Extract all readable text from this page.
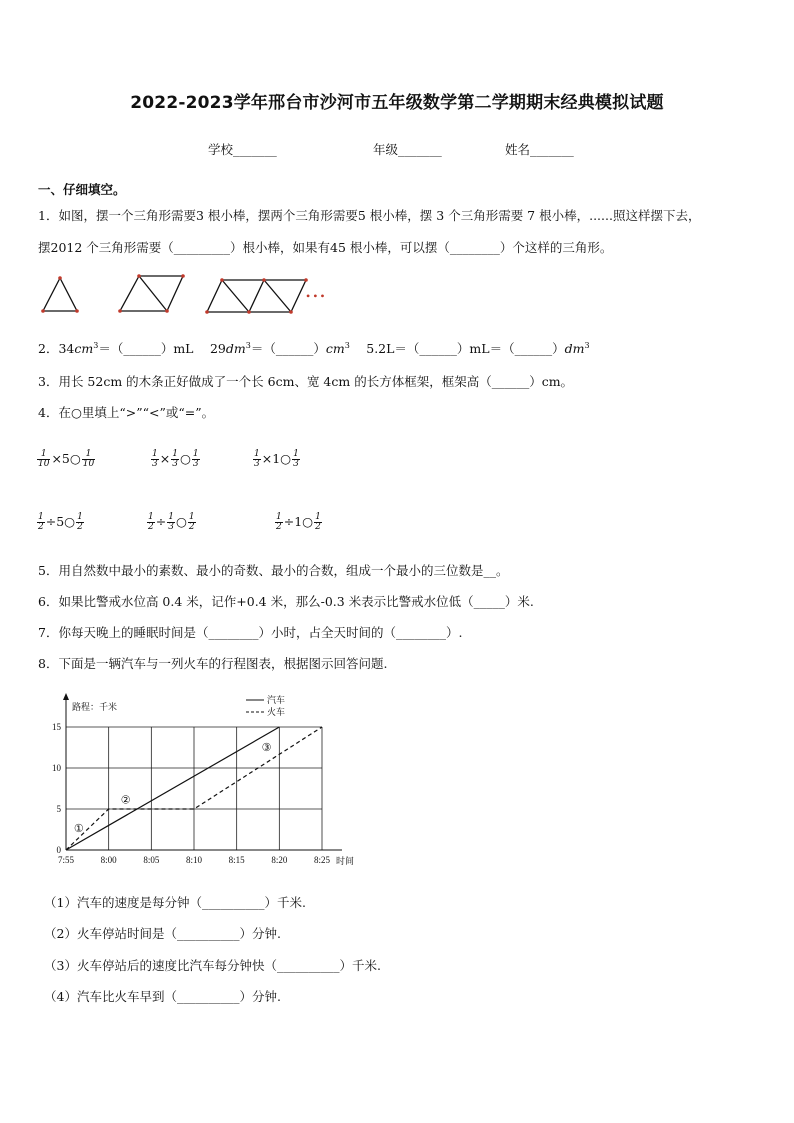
2022-2023学年邢台市沙河市五年级数学第二学期期末经典模拟试题
学校_______	年级_______	姓名_______
一、仔细填空。
1．如图，摆一个三角形需要3 根小棒，摆两个三角形需要5 根小棒，摆 3 个三角形需要 7 根小棒，......照这样摆下去，
摆2012 个三角形需要（_________）根小棒，如果有45 根小棒，可以摆（________）个这样的三角形。
• • •
2．$34cm^3=(\_\_\_\_\_\_)mL$　 $29dm^3=(\_\_\_\_\_\_)cm^3$　 $5.2L=(\_\_\_\_\_\_)mL=(\_\_\_\_\_\_)dm^3$
3．用长 52cm 的木条正好做成了一个长 6cm、宽 4cm 的长方体框架，框架高（______）cm。
4．在○里填上“>”“<”或“=”。
$\frac{1}{10}$ ×5○ $\frac{1}{10}$	$\frac{1}{3} \times \frac{1}{3}$ ○ $\frac{1}{3}$	$\frac{1}{3}$ ×1○ $\frac{1}{3}$
$\frac{1}{2}$ ÷5○ $\frac{1}{2}$	$\frac{1}{2} \div \frac{1}{3}$ ○ $\frac{1}{2}$	$\frac{1}{2}$ ÷1○ $\frac{1}{2}$
5．用自然数中最小的素数、最小的奇数、最小的合数，组成一个最小的三位数是__。
6．如果比警戒水位高 0.4 米，记作+0.4 米，那么-0.3 米表示比警戒水位低（_____）米.
7．你每天晚上的睡眠时间是（________）小时，占全天时间的（________）.
8．下面是一辆汽车与一列火车的行程图表，根据图示回答问题.
0
5
10
15
7:55	8:00	8:05	8:10	8:15	8:20	8:25
路程：千米
时间
汽车
火车
①
②
③
（1）汽车的速度是每分钟（__________）千米.
（2）火车停站时间是（__________）分钟.
（3）火车停站后的速度比汽车每分钟快（__________）千米.
（4）汽车比火车早到（__________）分钟.
